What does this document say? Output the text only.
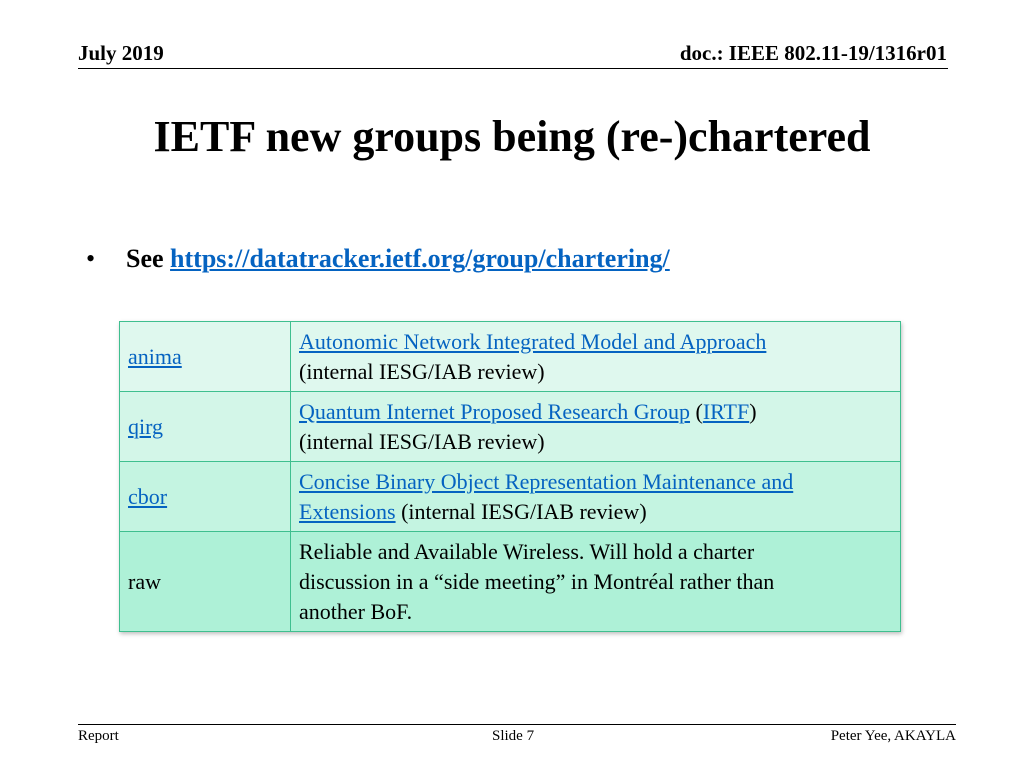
July 2019	doc.: IEEE 802.11-19/1316r01
IETF new groups being (re-)chartered
• See https://datatracker.ietf.org/group/chartering/
anima	Autonomic Network Integrated Model and Approach
(internal IESG/IAB review)
qirg	Quantum Internet Proposed Research Group (IRTF)
(internal IESG/IAB review)
cbor	Concise Binary Object Representation Maintenance and
Extensions (internal IESG/IAB review)
raw	Reliable and Available Wireless. Will hold a charter
discussion in a “side meeting” in Montréal rather than
another BoF.
Report	Slide 7	Peter Yee, AKAYLA
